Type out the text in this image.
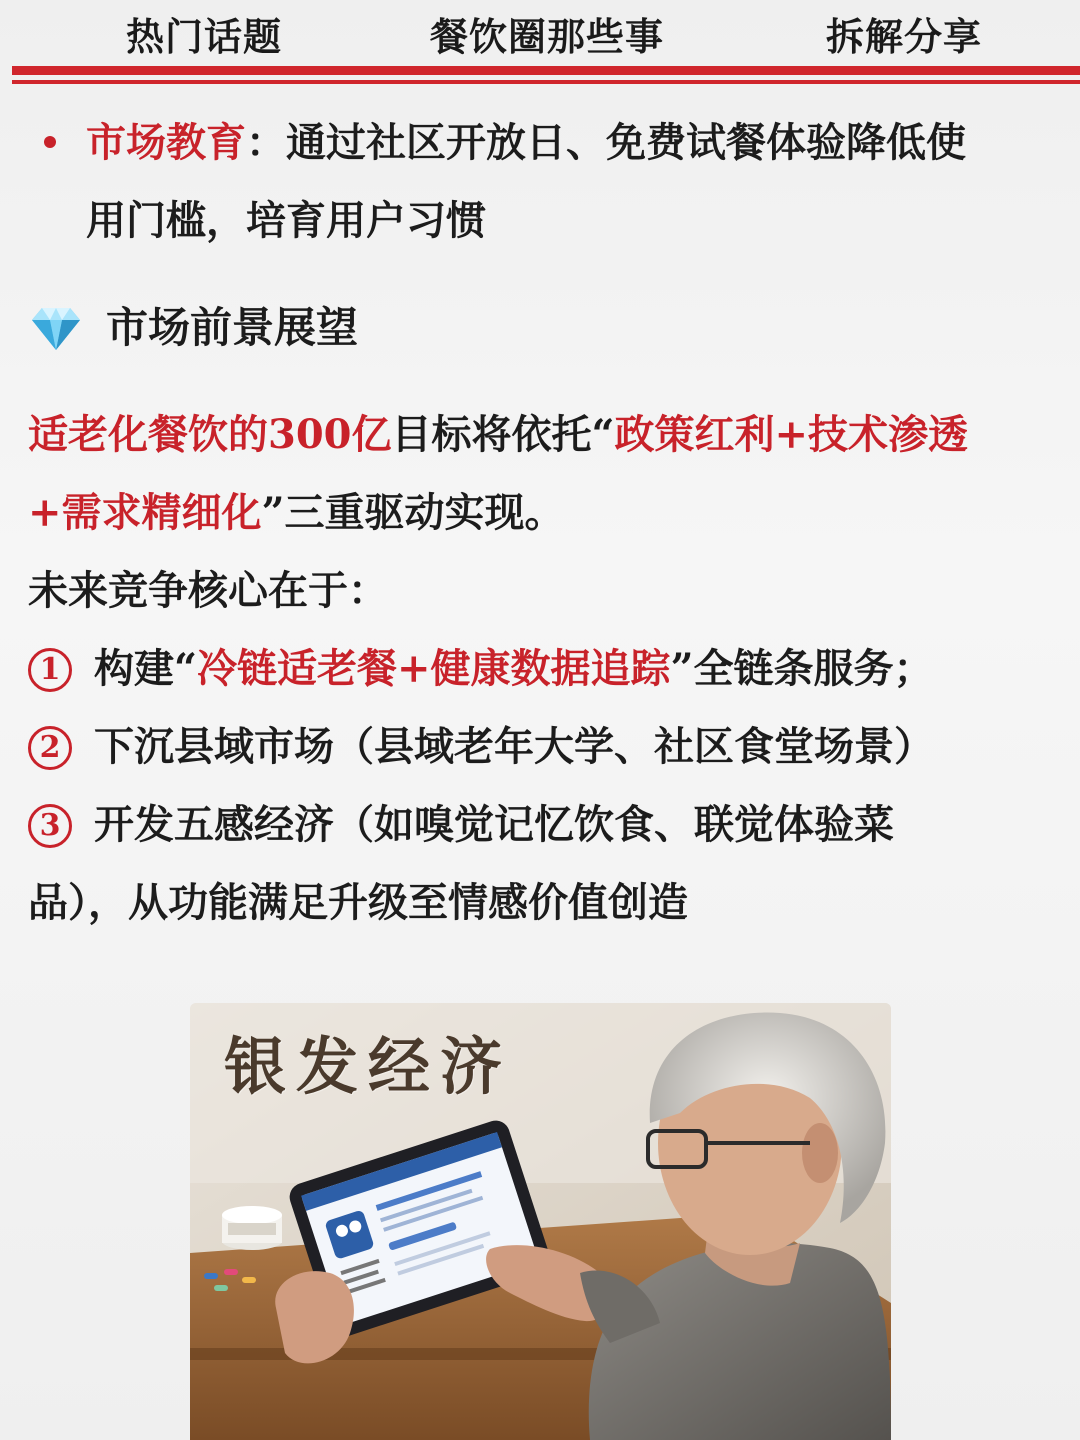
热门话题	餐饮圈那些事	拆解分享
市场教育：通过社区开放日、免费试餐体验降低使
用门槛，培育用户习惯
市场前景展望
适老化餐饮的300亿目标将依托“政策红利+技术渗透
+需求精细化”三重驱动实现。
未来竞争核心在于：
1 构建“冷链适老餐+健康数据追踪”全链条服务；
2 下沉县域市场（县域老年大学、社区食堂场景）
3 开发五感经济（如嗅觉记忆饮食、联觉体验菜
品），从功能满足升级至情感价值创造
银发经济
